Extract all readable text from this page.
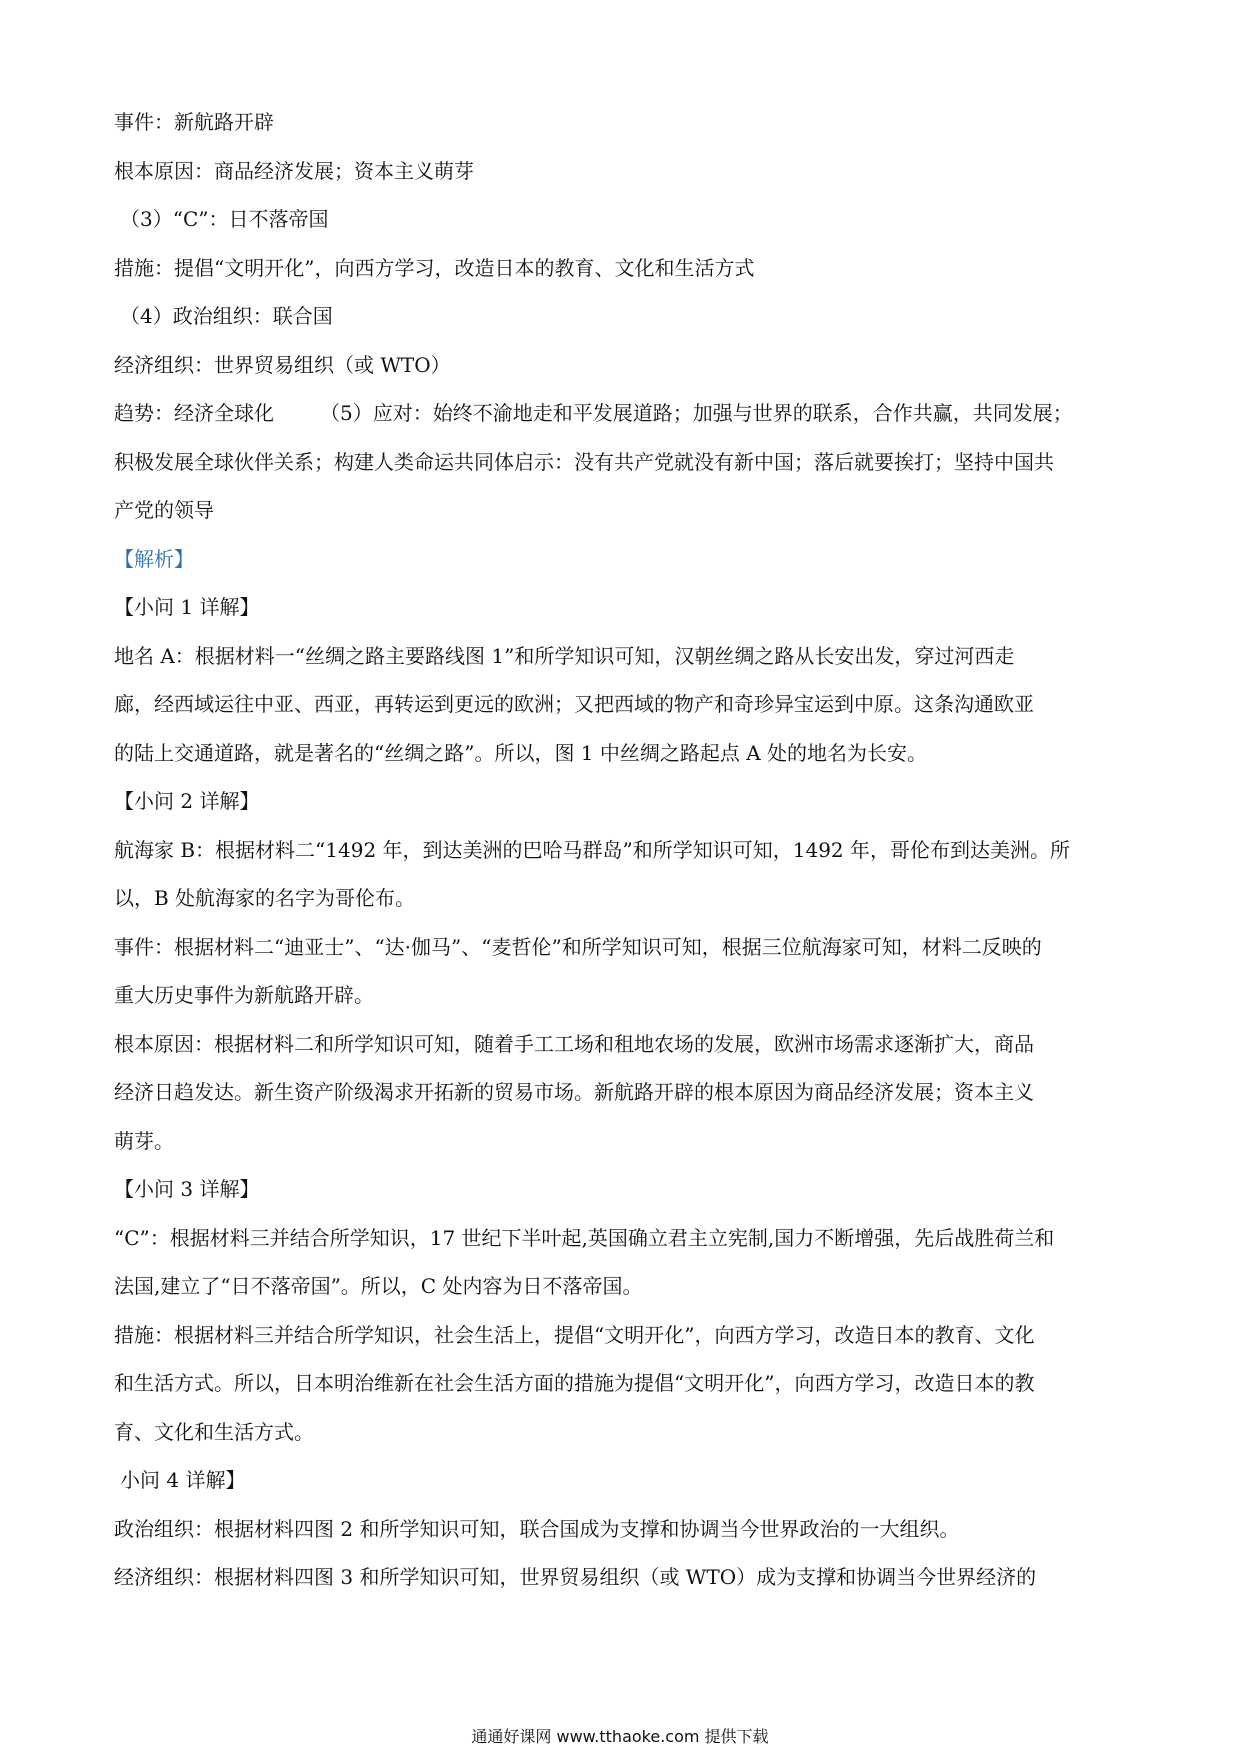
事件：新航路开辟
根本原因：商品经济发展；资本主义萌芽
（3）“C”：日不落帝国
措施：提倡“文明开化”，向西方学习，改造日本的教育、文化和生活方式
（4）政治组织：联合国
经济组织：世界贸易组织（或 WTO）
趋势：经济全球化 （5）应对：始终不渝地走和平发展道路；加强与世界的联系，合作共赢，共同发展；
积极发展全球伙伴关系；构建人类命运共同体启示：没有共产党就没有新中国；落后就要挨打；坚持中国共
产党的领导
【解析】
【小问 1 详解】
地名 A：根据材料一“丝绸之路主要路线图 1”和所学知识可知，汉朝丝绸之路从长安出发，穿过河西走
廊，经西域运往中亚、西亚，再转运到更远的欧洲；又把西域的物产和奇珍异宝运到中原。这条沟通欧亚
的陆上交通道路，就是著名的“丝绸之路”。所以，图 1 中丝绸之路起点 A 处的地名为长安。
【小问 2 详解】
航海家 B：根据材料二“1492 年，到达美洲的巴哈马群岛”和所学知识可知，1492 年，哥伦布到达美洲。所
以，B 处航海家的名字为哥伦布。
事件：根据材料二“迪亚士”、“达·伽马”、“麦哲伦”和所学知识可知，根据三位航海家可知，材料二反映的
重大历史事件为新航路开辟。
根本原因：根据材料二和所学知识可知，随着手工工场和租地农场的发展，欧洲市场需求逐渐扩大，商品
经济日趋发达。新生资产阶级渴求开拓新的贸易市场。新航路开辟的根本原因为商品经济发展；资本主义
萌芽。
【小问 3 详解】
“C”：根据材料三并结合所学知识，17 世纪下半叶起,英国确立君主立宪制,国力不断增强，先后战胜荷兰和
法国,建立了“日不落帝国”。所以，C 处内容为日不落帝国。
措施：根据材料三并结合所学知识，社会生活上，提倡“文明开化”，向西方学习，改造日本的教育、文化
和生活方式。所以，日本明治维新在社会生活方面的措施为提倡“文明开化”，向西方学习，改造日本的教
育、文化和生活方式。
小问 4 详解】
政治组织：根据材料四图 2 和所学知识可知，联合国成为支撑和协调当今世界政治的一大组织。
经济组织：根据材料四图 3 和所学知识可知，世界贸易组织（或 WTO）成为支撑和协调当今世界经济的
通通好课网 www.tthaoke.com 提供下载
